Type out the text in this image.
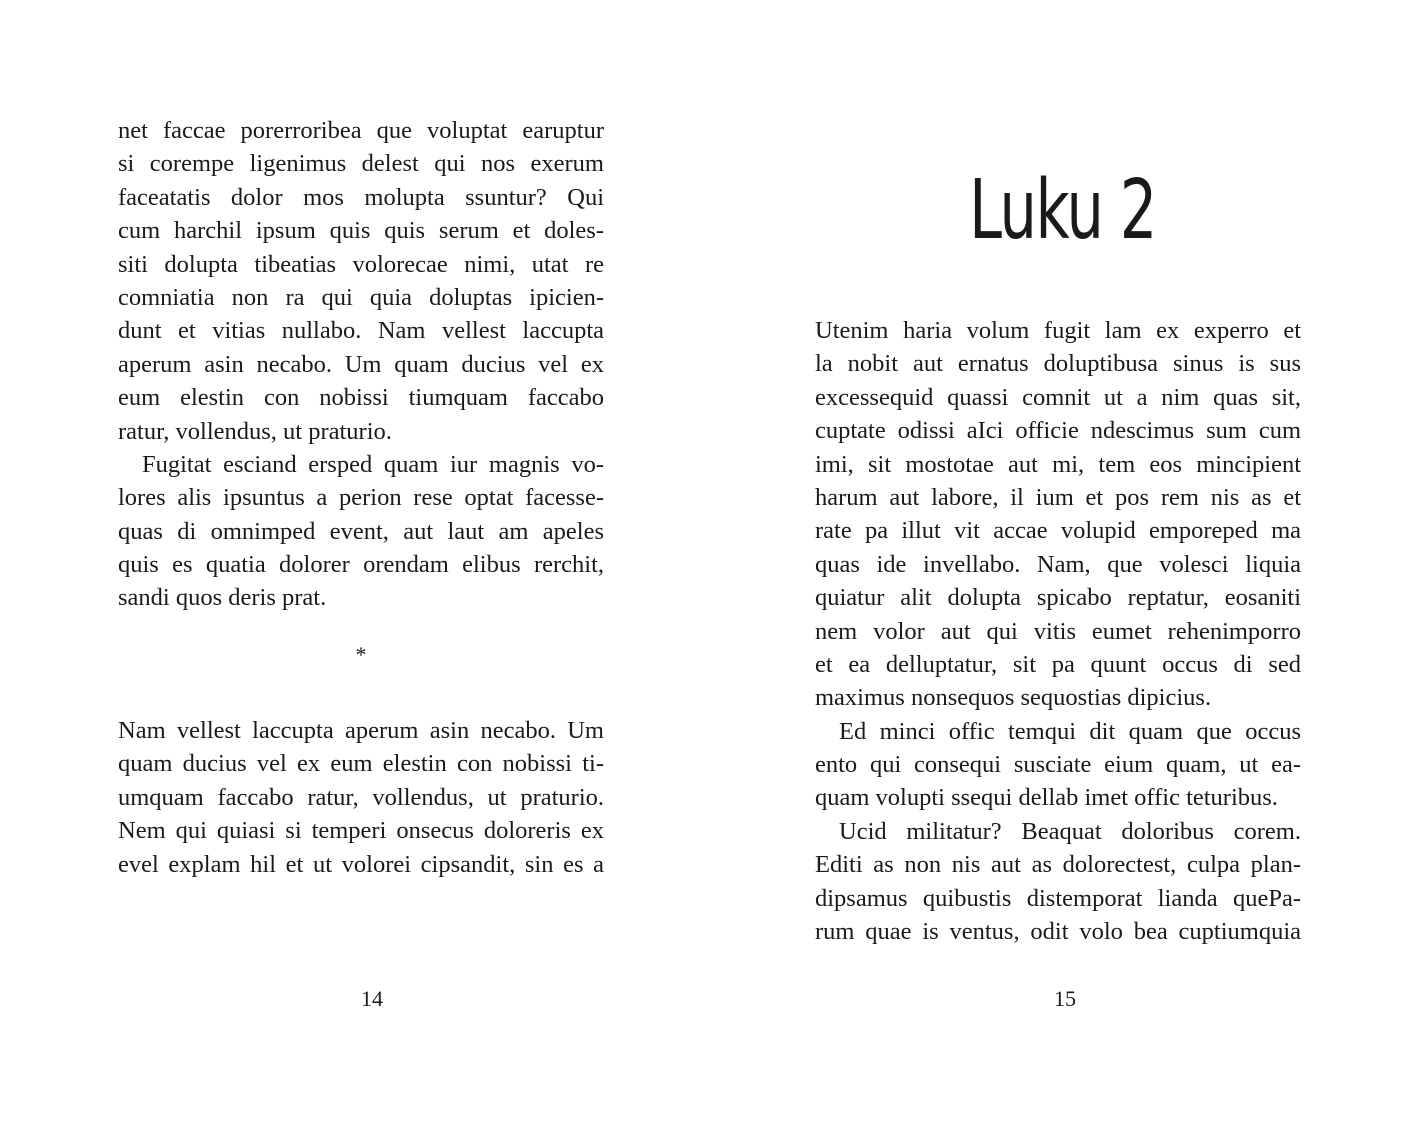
net faccae porerroribea que voluptat earuptur
si corempe ligenimus delest qui nos exerum
faceatatis dolor mos molupta ssuntur? Qui
cum harchil ipsum quis quis serum et doles-
siti dolupta tibeatias volorecae nimi, utat re
comniatia non ra qui quia doluptas ipicien-
dunt et vitias nullabo. Nam vellest laccupta
aperum asin necabo. Um quam ducius vel ex
eum elestin con nobissi tiumquam faccabo
ratur, vollendus, ut praturio.
Fugitat esciand ersped quam iur magnis vo-
lores alis ipsuntus a perion rese optat facesse-
quas di omnimped event, aut laut am apeles
quis es quatia dolorer orendam elibus rerchit,
sandi quos deris prat.
*
Nam vellest laccupta aperum asin necabo. Um
quam ducius vel ex eum elestin con nobissi ti-
umquam faccabo ratur, vollendus, ut praturio.
Nem qui quiasi si temperi onsecus doloreris ex
evel explam hil et ut volorei cipsandit, sin es a
14
Luku 2
Utenim haria volum fugit lam ex experro et
la nobit aut ernatus doluptibusa sinus is sus
excessequid quassi comnit ut a nim quas sit,
cuptate odissi aIci officie ndescimus sum cum
imi, sit mostotae aut mi, tem eos mincipient
harum aut labore, il ium et pos rem nis as et
rate pa illut vit accae volupid emporeped ma
quas ide invellabo. Nam, que volesci liquia
quiatur alit dolupta spicabo reptatur, eosaniti
nem volor aut qui vitis eumet rehenimporro
et ea delluptatur, sit pa quunt occus di sed
maximus nonsequos sequostias dipicius.
Ed minci offic temqui dit quam que occus
ento qui consequi susciate eium quam, ut ea-
quam volupti ssequi dellab imet offic teturibus.
Ucid militatur? Beaquat doloribus corem.
Editi as non nis aut as dolorectest, culpa plan-
dipsamus quibustis distemporat lianda quePa-
rum quae is ventus, odit volo bea cuptiumquia
15
